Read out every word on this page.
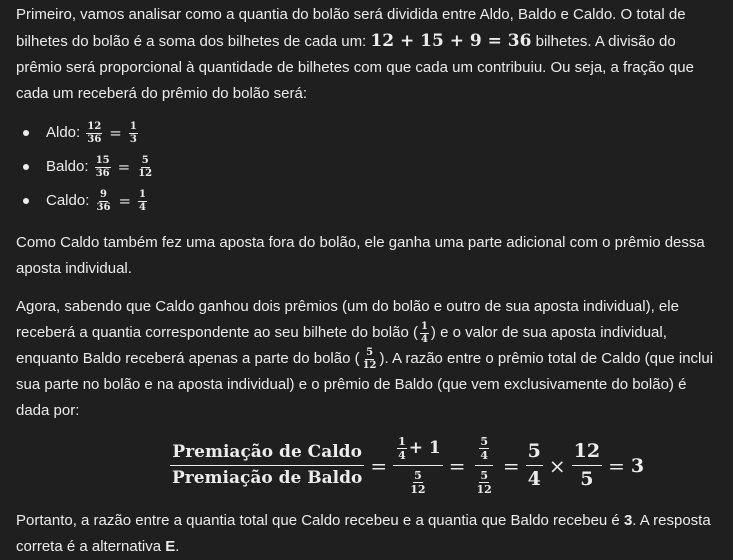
Primeiro, vamos analisar como a quantia do bolão será dividida entre Aldo, Baldo e Caldo. O total de bilhetes do bolão é a soma dos bilhetes de cada um: 12 + 15 + 9 = 36 bilhetes. A divisão do prêmio será proporcional à quantidade de bilhetes com que cada um contribuiu. Ou seja, a fração que cada um receberá do prêmio do bolão será:

Aldo:
$\frac{12}{36} = \frac{1}{3}$
Baldo:
$\frac{15}{36} = \frac{5}{12}$
Caldo:
$\frac{9}{36} = \frac{1}{4}$

Como Caldo também fez uma aposta fora do bolão, ele ganha uma parte adicional com o prêmio dessa aposta individual.

Agora, sabendo que Caldo ganhou dois prêmios (um do bolão e outro de sua aposta individual), ele receberá a quantia correspondente ao seu bilhete do bolão ( $\frac{1}{4}$ ) e o valor de sua aposta individual, enquanto Baldo receberá apenas a parte do bolão ( $\frac{5}{12}$ ). A razão entre o prêmio total de Caldo (que inclui sua parte no bolão e na aposta individual) e o prêmio de Baldo (que vem exclusivamente do bolão) é dada por:

Premiação de Caldo
Premiação de Baldo
= $\frac{\frac{1}{4} + 1}{\frac{5}{12}} = \frac{\frac{5}{4}}{\frac{5}{12}} = \frac{5}{4} \times \frac{12}{5} = 3$

Portanto, a razão entre a quantia total que Caldo recebeu e a quantia que Baldo recebeu é 3. A resposta correta é a alternativa E.
